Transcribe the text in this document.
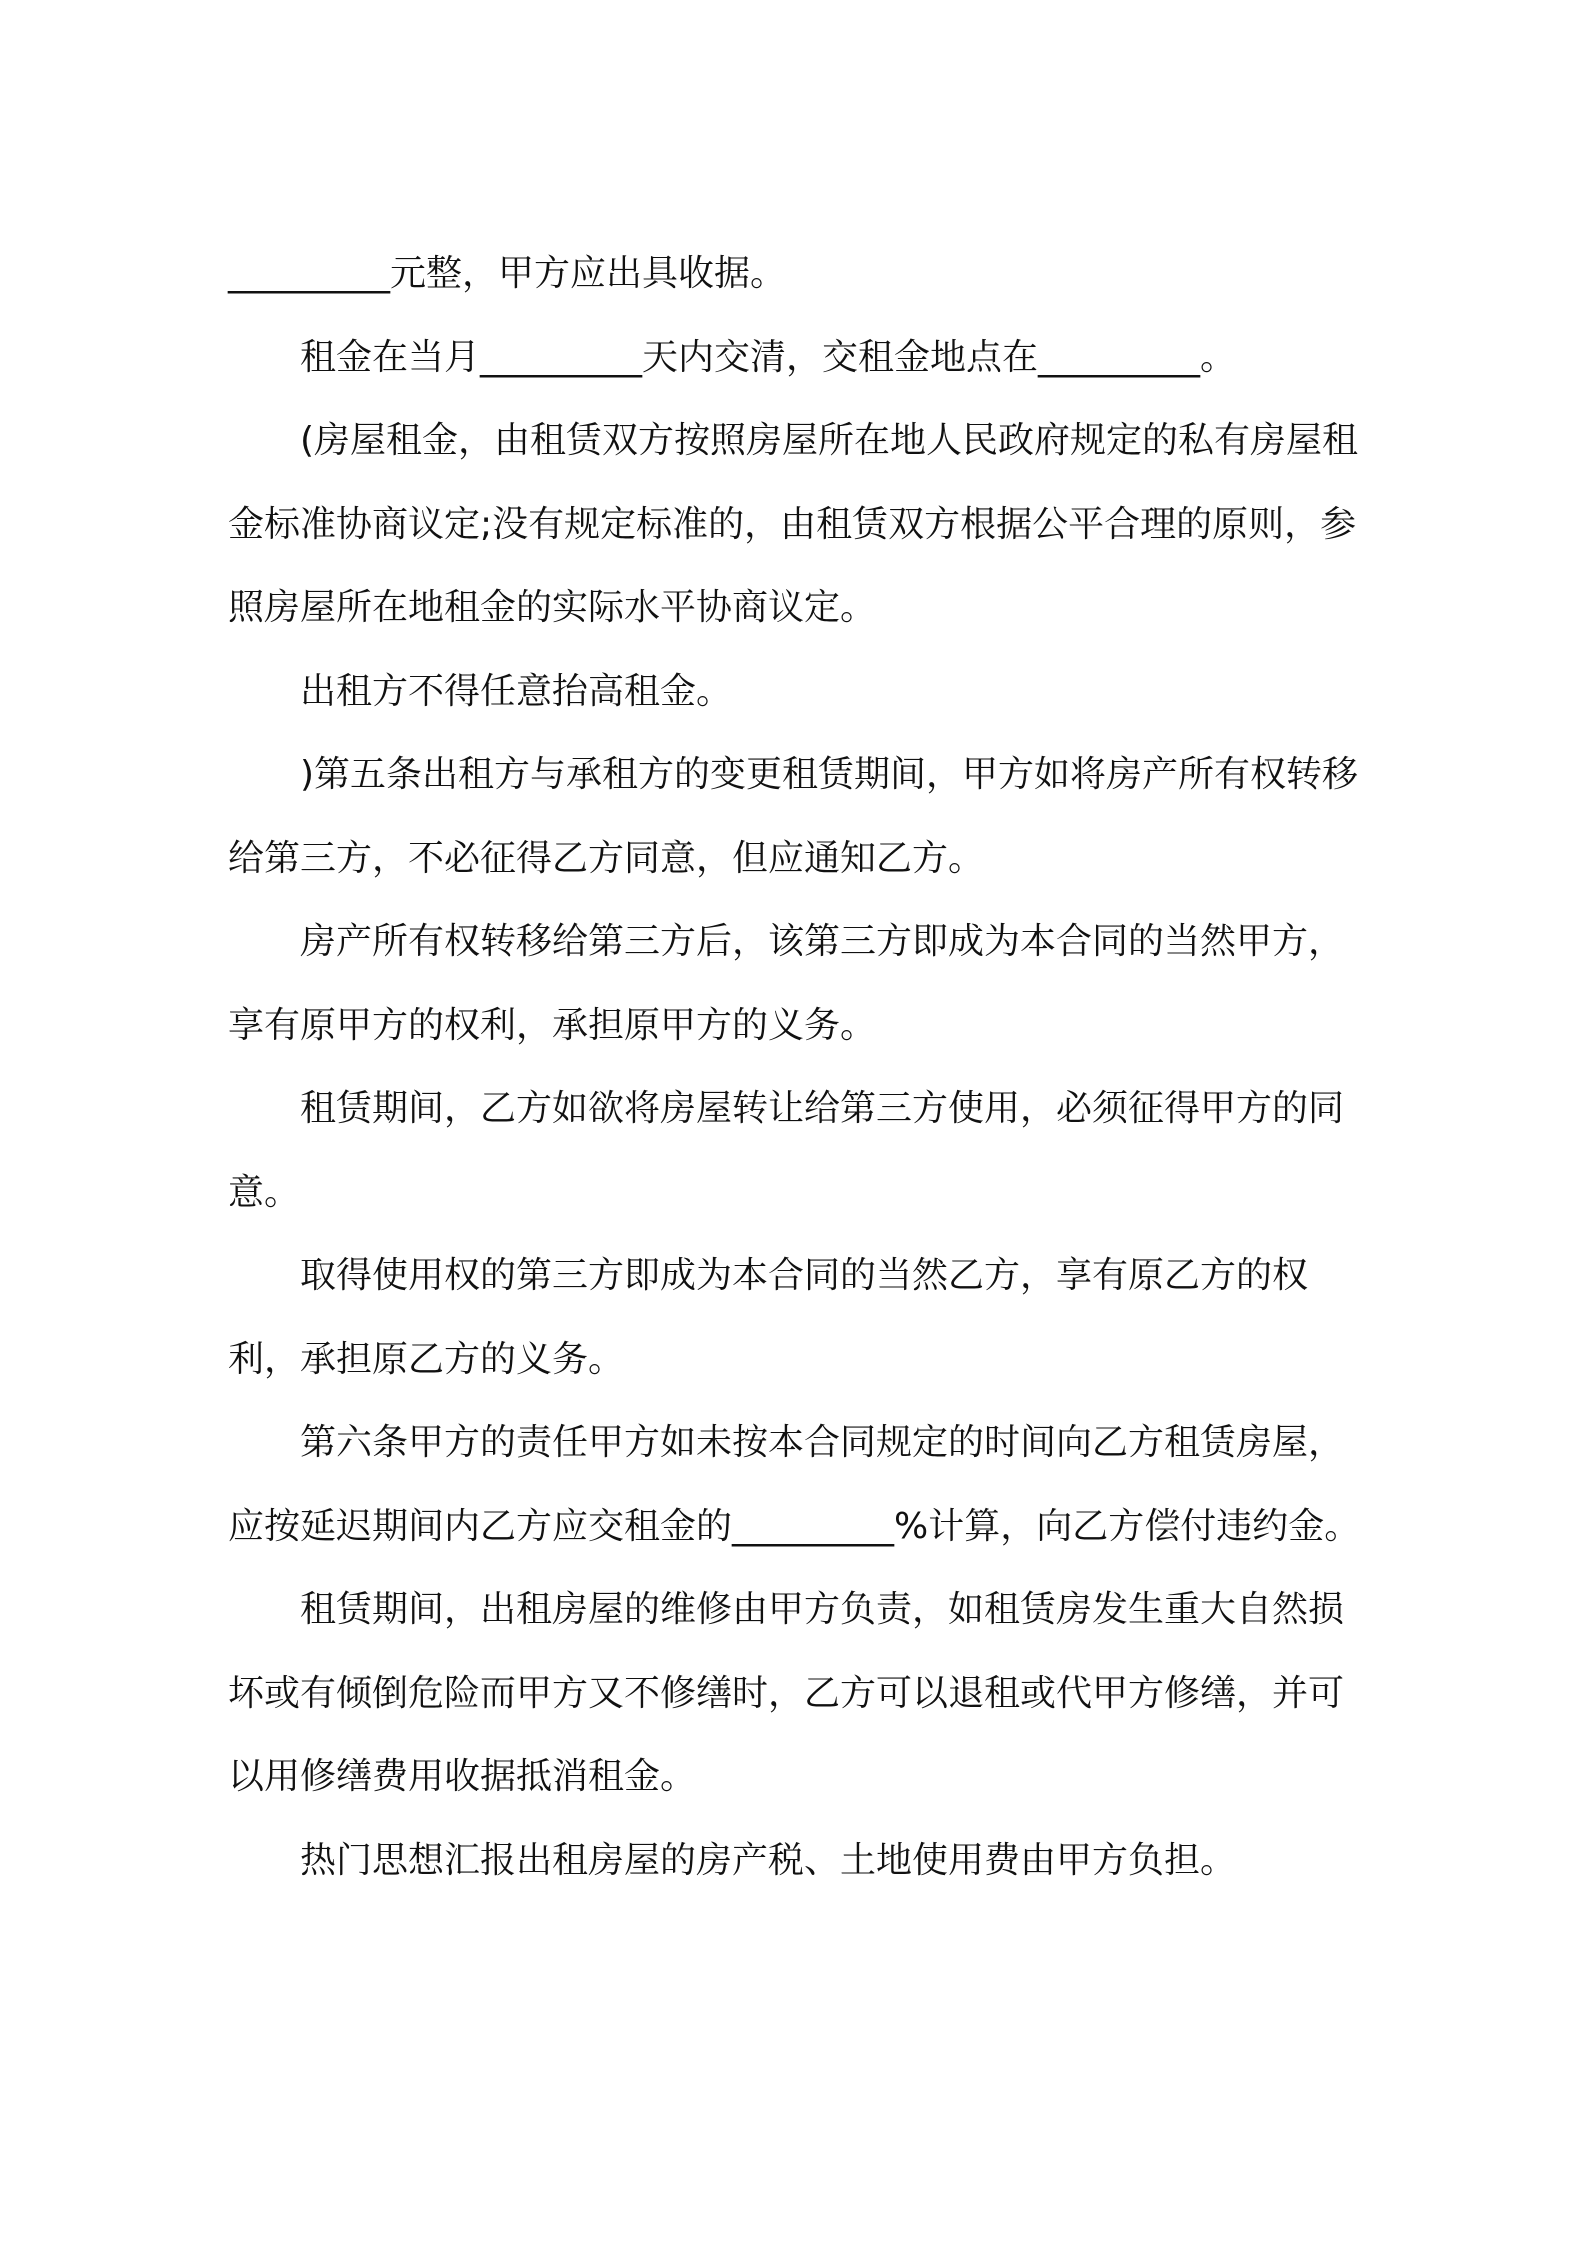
_________元整，甲方应出具收据。

租金在当月_________天内交清，交租金地点在_________。

(房屋租金，由租赁双方按照房屋所在地人民政府规定的私有房屋租金标准协商议定;没有规定标准的，由租赁双方根据公平合理的原则，参照房屋所在地租金的实际水平协商议定。

出租方不得任意抬高租金。

)第五条出租方与承租方的变更租赁期间，甲方如将房产所有权转移给第三方，不必征得乙方同意，但应通知乙方。

房产所有权转移给第三方后，该第三方即成为本合同的当然甲方，享有原甲方的权利，承担原甲方的义务。

租赁期间，乙方如欲将房屋转让给第三方使用，必须征得甲方的同意。

取得使用权的第三方即成为本合同的当然乙方，享有原乙方的权利，承担原乙方的义务。

第六条甲方的责任甲方如未按本合同规定的时间向乙方租赁房屋，应按延迟期间内乙方应交租金的_________%计算，向乙方偿付违约金。

租赁期间，出租房屋的维修由甲方负责，如租赁房发生重大自然损坏或有倾倒危险而甲方又不修缮时，乙方可以退租或代甲方修缮，并可以用修缮费用收据抵消租金。

热门思想汇报出租房屋的房产税、土地使用费由甲方负担。
